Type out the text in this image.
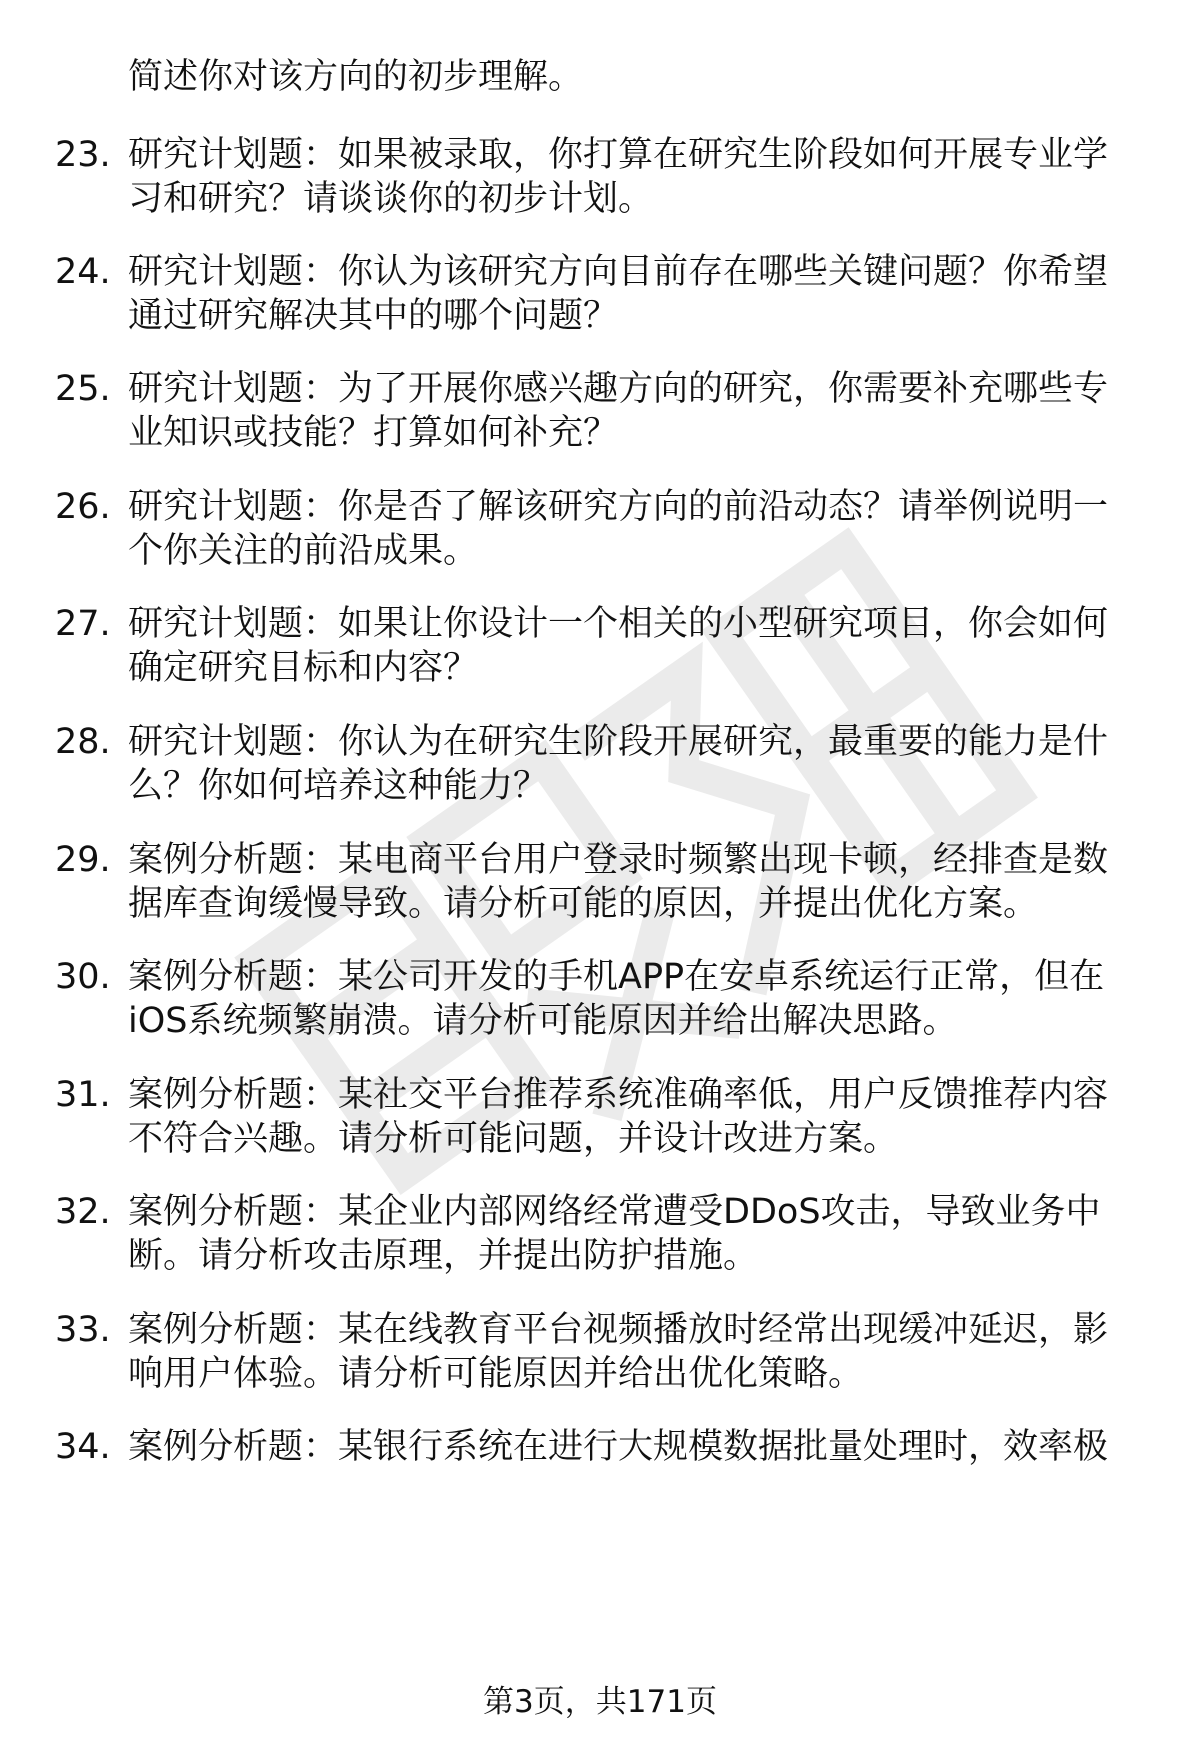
简述你对该方向的初步理解。
23. 研究计划题：如果被录取，你打算在研究生阶段如何开展专业学
习和研究？请谈谈你的初步计划。
24. 研究计划题：你认为该研究方向目前存在哪些关键问题？你希望
通过研究解决其中的哪个问题？
25. 研究计划题：为了开展你感兴趣方向的研究，你需要补充哪些专
业知识或技能？打算如何补充？
26. 研究计划题：你是否了解该研究方向的前沿动态？请举例说明一
个你关注的前沿成果。
27. 研究计划题：如果让你设计一个相关的小型研究项目，你会如何
确定研究目标和内容？
28. 研究计划题：你认为在研究生阶段开展研究，最重要的能力是什
么？你如何培养这种能力？
29. 案例分析题：某电商平台用户登录时频繁出现卡顿，经排查是数
据库查询缓慢导致。请分析可能的原因，并提出优化方案。
30. 案例分析题：某公司开发的手机APP在安卓系统运行正常，但在
iOS系统频繁崩溃。请分析可能原因并给出解决思路。
31. 案例分析题：某社交平台推荐系统准确率低，用户反馈推荐内容
不符合兴趣。请分析可能问题，并设计改进方案。
32. 案例分析题：某企业内部网络经常遭受DDoS攻击，导致业务中
断。请分析攻击原理，并提出防护措施。
33. 案例分析题：某在线教育平台视频播放时经常出现缓冲延迟，影
响用户体验。请分析可能原因并给出优化策略。
34. 案例分析题：某银行系统在进行大规模数据批量处理时，效率极
第3页，共171页
